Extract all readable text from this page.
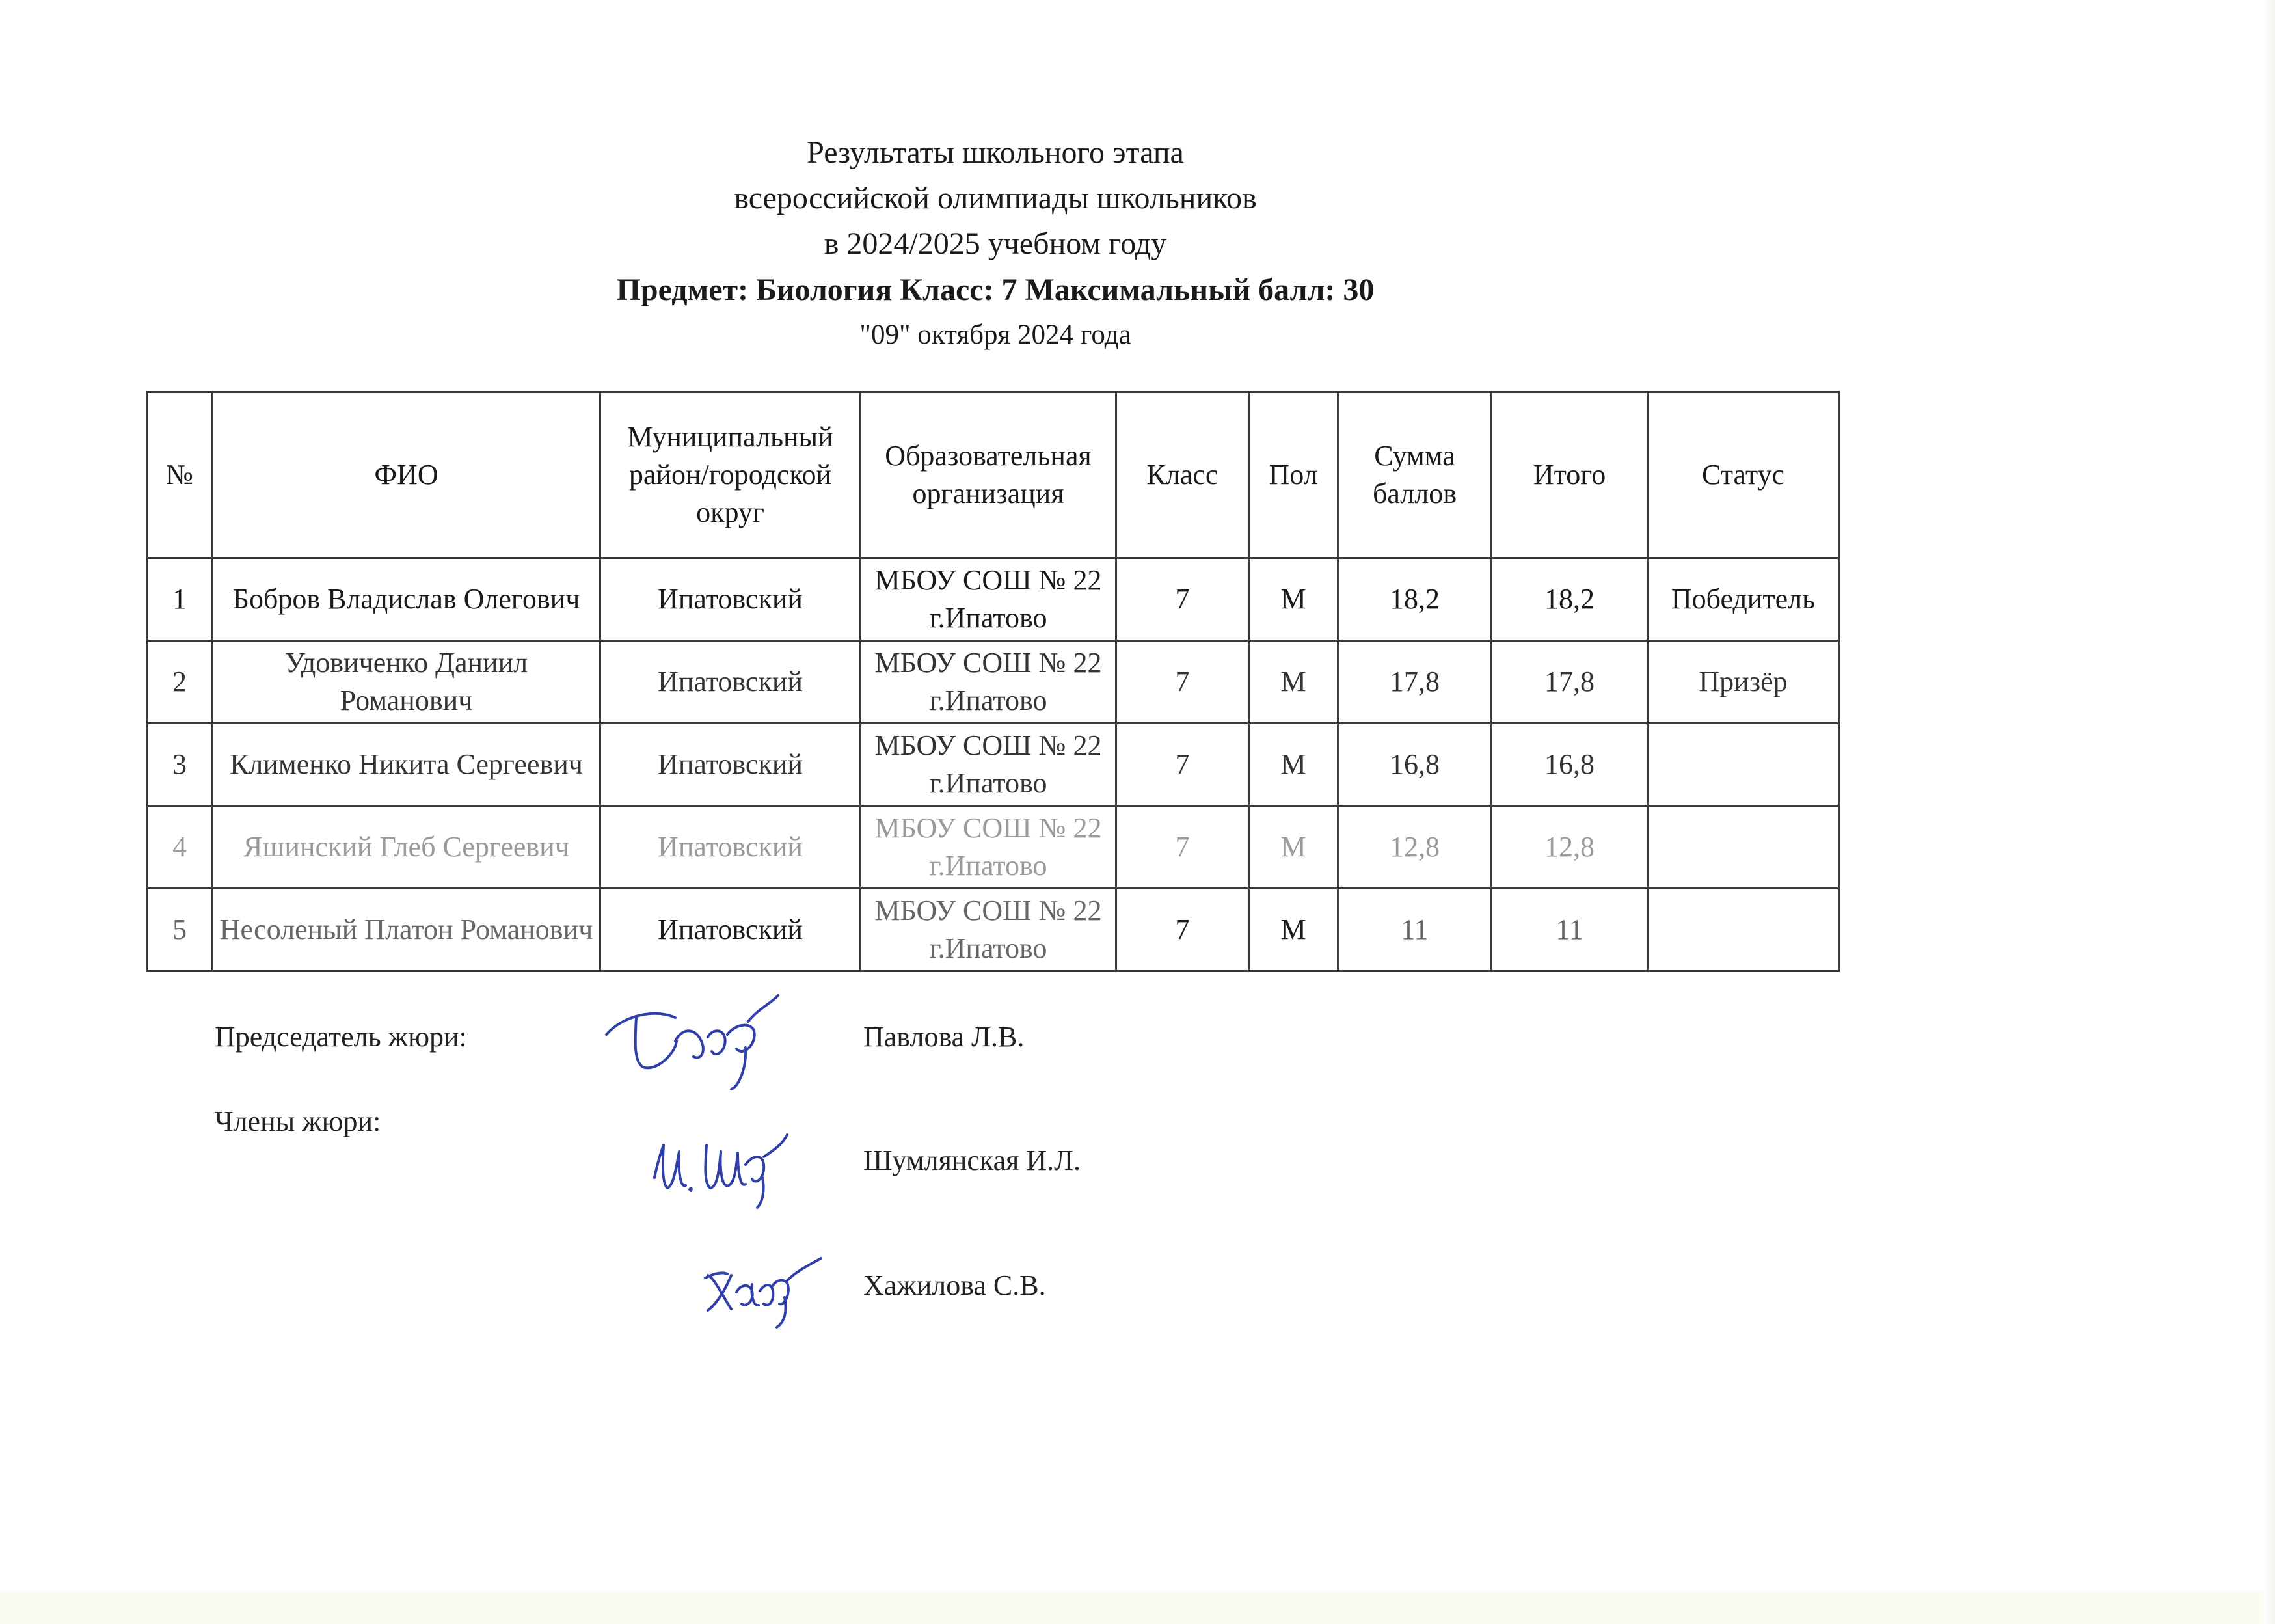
Результаты школьного этапа
всероссийской олимпиады школьников
в 2024/2025 учебном году
Предмет: Биология Класс: 7 Максимальный балл: 30
"09" октября 2024 года
№	ФИО	Муниципальный район/городской округ	Образовательная организация	Класс	Пол	Сумма баллов	Итого	Статус
1	Бобров Владислав Олегович	Ипатовский	МБОУ СОШ № 22 г.Ипатово	7	М	18,2	18,2	Победитель
2	Удовиченко Даниил Романович	Ипатовский	МБОУ СОШ № 22 г.Ипатово	7	М	17,8	17,8	Призёр
3	Клименко Никита Сергеевич	Ипатовский	МБОУ СОШ № 22 г.Ипатово	7	М	16,8	16,8	
4	Яшинский Глеб Сергеевич	Ипатовский	МБОУ СОШ № 22 г.Ипатово	7	М	12,8	12,8	
5	Несоленый Платон Романович	Ипатовский	МБОУ СОШ № 22 г.Ипатово	7	М	11	11	
Председатель жюри:	Павлова Л.В.
Члены жюри:
Шумлянская И.Л.
Хажилова С.В.
